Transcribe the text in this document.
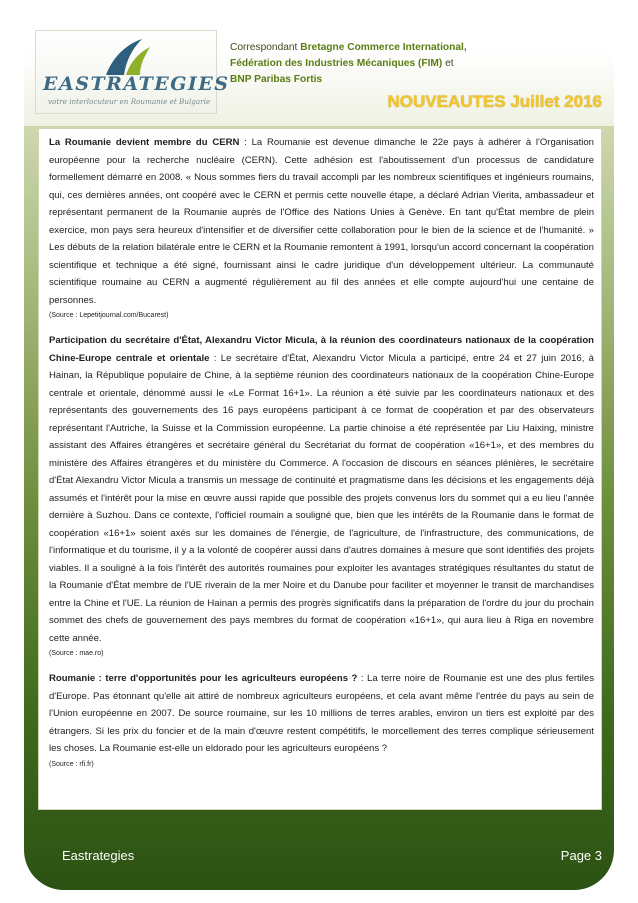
EASTRATEGIES
votre interlocuteur en Roumanie et Bulgarie
Correspondant Bretagne Commerce International,
Fédération des Industries Mécaniques (FIM) et
BNP Paribas Fortis
NOUVEAUTES Juillet 2016

La Roumanie devient membre du CERN : La Roumanie est devenue dimanche le 22e pays à adhérer à l'Organisation européenne pour la recherche nucléaire (CERN). Cette adhésion est l'aboutissement d'un processus de candidature formellement démarré en 2008. « Nous sommes fiers du travail accompli par les nombreux scientifiques et ingénieurs roumains, qui, ces dernières années, ont coopéré avec le CERN et permis cette nouvelle étape, a déclaré Adrian Vierita, ambassadeur et représentant permanent de la Roumanie auprès de l'Office des Nations Unies à Genève. En tant qu'État membre de plein exercice, mon pays sera heureux d'intensifier et de diversifier cette collaboration pour le bien de la science et de l'humanité. » Les débuts de la relation bilatérale entre le CERN et la Roumanie remontent à 1991, lorsqu'un accord concernant la coopération scientifique et technique a été signé, fournissant ainsi le cadre juridique d'un développement ultérieur. La communauté scientifique roumaine au CERN a augmenté régulièrement au fil des années et elle compte aujourd'hui une centaine de personnes.

(Source : Lepetitjournal.com/Bucarest)

Participation du secrétaire d'État, Alexandru Victor Micula, à la réunion des coordinateurs nationaux de la coopération Chine-Europe centrale et orientale : Le secrétaire d'État, Alexandru Victor Micula a participé, entre 24 et 27 juin 2016, à Hainan, la République populaire de Chine, à la septième réunion des coordinateurs nationaux de la coopération Chine-Europe centrale et orientale, dénommé aussi le «Le Format 16+1». La réunion a été suivie par les coordinateurs nationaux et des représentants des gouvernements des 16 pays européens participant à ce format de coopération et par des observateurs représentant l'Autriche, la Suisse et la Commission européenne. La partie chinoise a été représentée par Liu Haixing, ministre assistant des Affaires étrangères et secrétaire général du Secrétariat du format de coopération «16+1», et des membres du ministère des Affaires étrangères et du ministère du Commerce. A l'occasion de discours en séances plénières, le secrétaire d'État Alexandru Victor Micula a transmis un message de continuité et pragmatisme dans les décisions et les engagements déjà assumés et l'intérêt pour la mise en œuvre aussi rapide que possible des projets convenus lors du sommet qui a eu lieu l'année dernière à Suzhou. Dans ce contexte, l'officiel roumain a souligné que, bien que les intérêts de la Roumanie dans le format de coopération «16+1» soient axés sur les domaines de l'énergie, de l'agriculture, de l'infrastructure, des communications, de l'informatique et du tourisme, il y a la volonté de coopérer aussi dans d'autres domaines à mesure que sont identifiés des projets viables. Il a souligné à la fois l'intérêt des autorités roumaines pour exploiter les avantages stratégiques résultantes du statut de la Roumanie d'État membre de l'UE riverain de la mer Noire et du Danube pour faciliter et moyenner le transit de marchandises entre la Chine et l'UE. La réunion de Hainan a permis des progrès significatifs dans la préparation de l'ordre du jour du prochain sommet des chefs de gouvernement des pays membres du format de coopération «16+1», qui aura lieu à Riga en novembre cette année.

(Source : mae.ro)

Roumanie : terre d'opportunités pour les agriculteurs européens ? : La terre noire de Roumanie est une des plus fertiles d'Europe. Pas étonnant qu'elle ait attiré de nombreux agriculteurs européens, et cela avant même l'entrée du pays au sein de l'Union européenne en 2007. De source roumaine, sur les 10 millions de terres arables, environ un tiers est exploité par des étrangers. Si les prix du foncier et de la main d'œuvre restent compétitifs, le morcellement des terres complique sérieusement les choses. La Roumanie est-elle un eldorado pour les agriculteurs européens ?

(Source : rfi.fr)

Eastrategies	Page 3
